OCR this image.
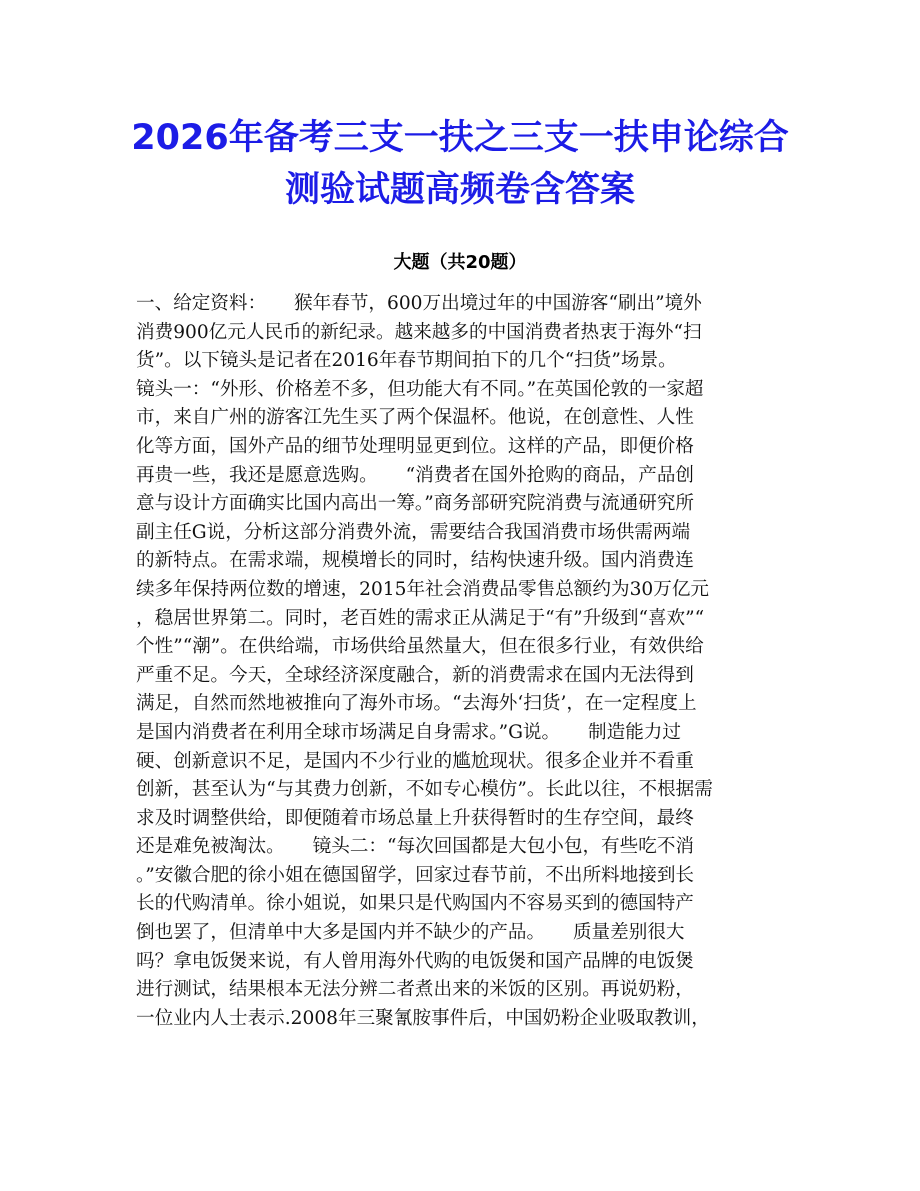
2026年备考三支一扶之三支一扶申论综合测验试题高频卷含答案
大题（共20题）
一、给定资料：　　猴年春节，600万出境过年的中国游客“刷出”境外
消费900亿元人民币的新纪录。越来越多的中国消费者热衷于海外“扫
货”。以下镜头是记者在2016年春节期间拍下的几个“扫货”场景。
镜头一：“外形、价格差不多，但功能大有不同。”在英国伦敦的一家超
市，来自广州的游客江先生买了两个保温杯。他说，在创意性、人性
化等方面，国外产品的细节处理明显更到位。这样的产品，即便价格
再贵一些，我还是愿意选购。　　“消费者在国外抢购的商品，产品创
意与设计方面确实比国内高出一筹。”商务部研究院消费与流通研究所
副主任G说，分析这部分消费外流，需要结合我国消费市场供需两端
的新特点。在需求端，规模增长的同时，结构快速升级。国内消费连
续多年保持两位数的增速，2015年社会消费品零售总额约为30万亿元
，稳居世界第二。同时，老百姓的需求正从满足于“有”升级到“喜欢”“
个性”“潮”。在供给端，市场供给虽然量大，但在很多行业，有效供给
严重不足。今天，全球经济深度融合，新的消费需求在国内无法得到
满足，自然而然地被推向了海外市场。“去海外‘扫货’，在一定程度上
是国内消费者在利用全球市场满足自身需求。”G说。　　制造能力过
硬、创新意识不足，是国内不少行业的尴尬现状。很多企业并不看重
创新，甚至认为“与其费力创新，不如专心模仿”。长此以往，不根据需
求及时调整供给，即便随着市场总量上升获得暂时的生存空间，最终
还是难免被淘汰。　　镜头二：“每次回国都是大包小包，有些吃不消
。”安徽合肥的徐小姐在德国留学，回家过春节前，不出所料地接到长
长的代购清单。徐小姐说，如果只是代购国内不容易买到的德国特产
倒也罢了，但清单中大多是国内并不缺少的产品。　　质量差别很大
吗？拿电饭煲来说，有人曾用海外代购的电饭煲和国产品牌的电饭煲
进行测试，结果根本无法分辨二者煮出来的米饭的区别。再说奶粉，
一位业内人士表示.2008年三聚氰胺事件后，中国奶粉企业吸取教训，
